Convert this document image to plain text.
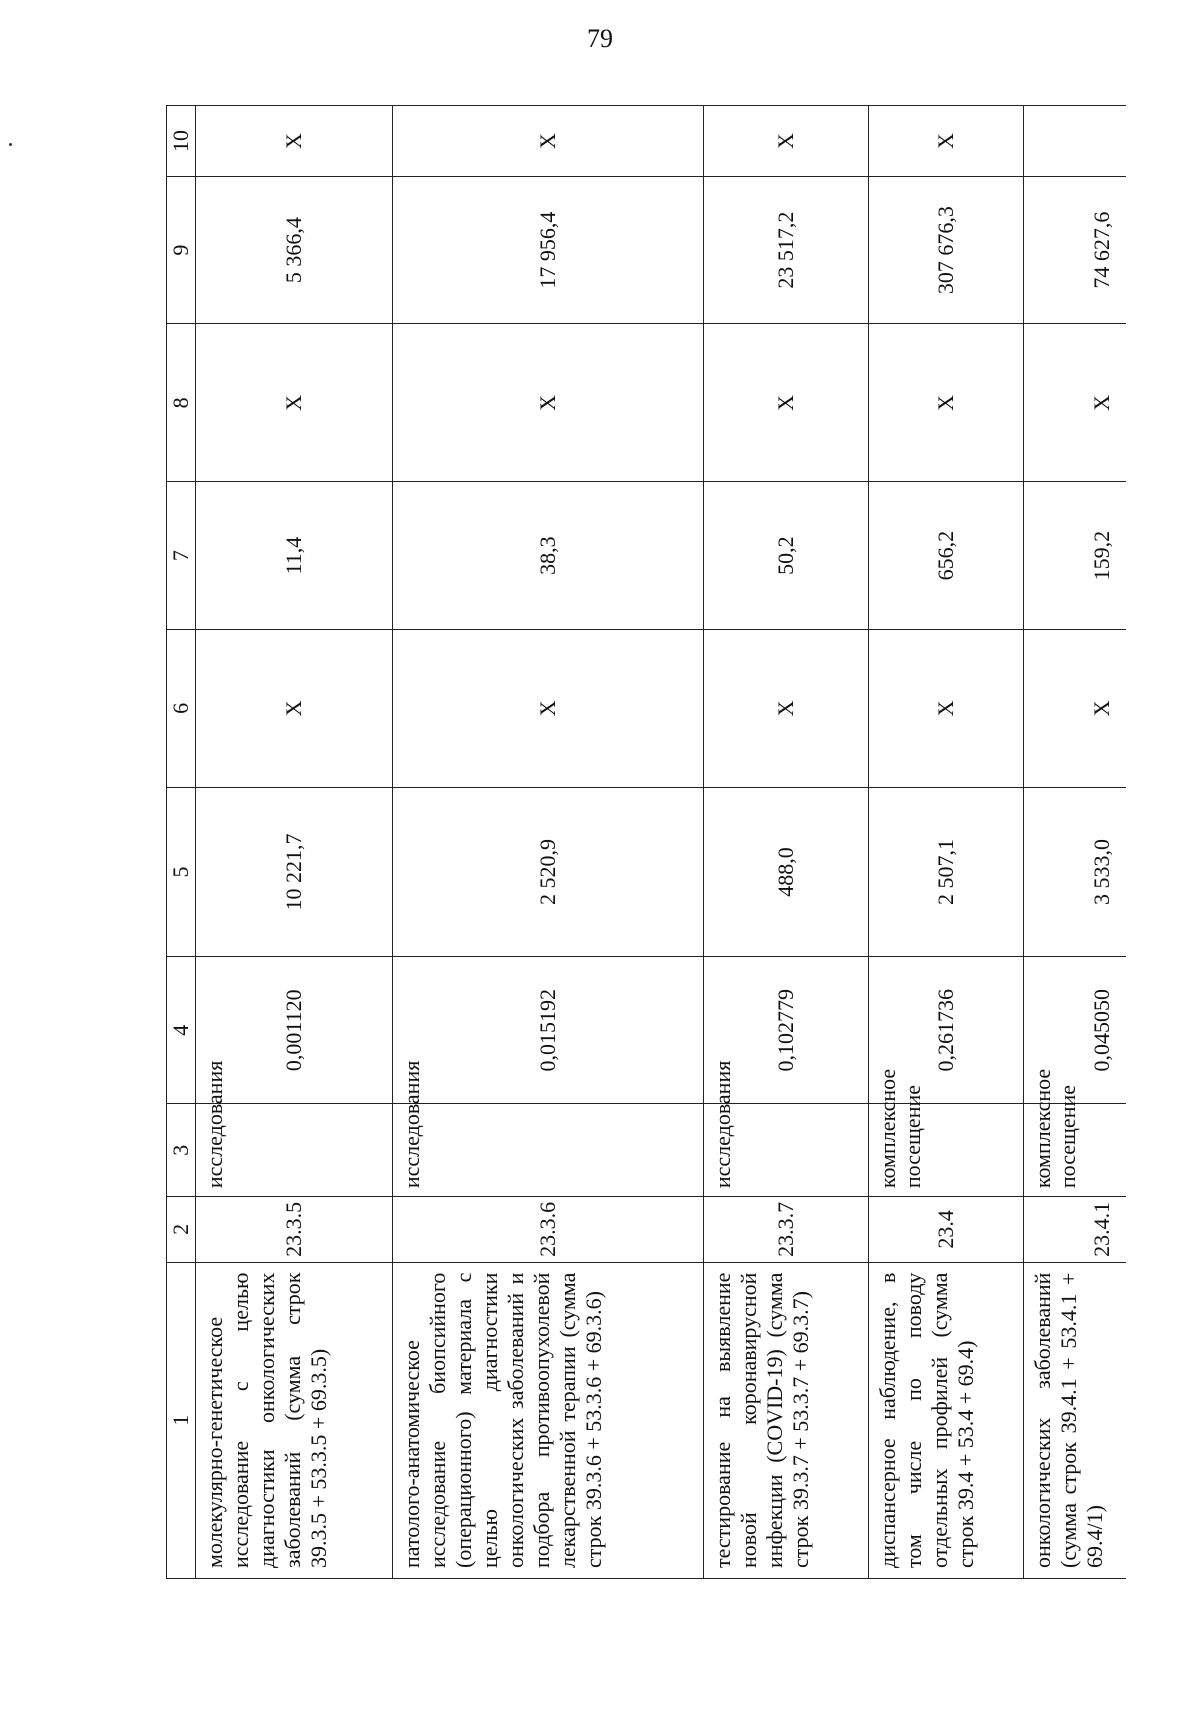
79
1	2	3	4	5	6	7	8	9	10
молекулярно-генетическое исследование с целью диагностики онкологических заболеваний (сумма строк 39.3.5 + 53.3.5 + 69.3.5)	23.3.5	исследования	0,001120	10 221,7	X	11,4	X	5 366,4	X
патолого-анатомическое исследование биопсийного (операционного) материала с целью диагностики онкологических заболеваний и подбора противоопухолевой лекарственной терапии (сумма строк 39.3.6 + 53.3.6 + 69.3.6)	23.3.6	исследования	0,015192	2 520,9	X	38,3	X	17 956,4	X
тестирование на выявление новой коронавирусной инфекции (COVID-19) (сумма строк 39.3.7 + 53.3.7 + 69.3.7)	23.3.7	исследования	0,102779	488,0	X	50,2	X	23 517,2	X
диспансерное наблюдение, в том числе по поводу отдельных профилей (сумма строк 39.4 + 53.4 + 69.4)	23.4	комплексное посещение	0,261736	2 507,1	X	656,2	X	307 676,3	X
онкологических заболеваний (сумма строк 39.4.1 + 53.4.1 + 69.4/1)	23.4.1	комплексное посещение	0,045050	3 533,0	X	159,2	X	74 627,6	
